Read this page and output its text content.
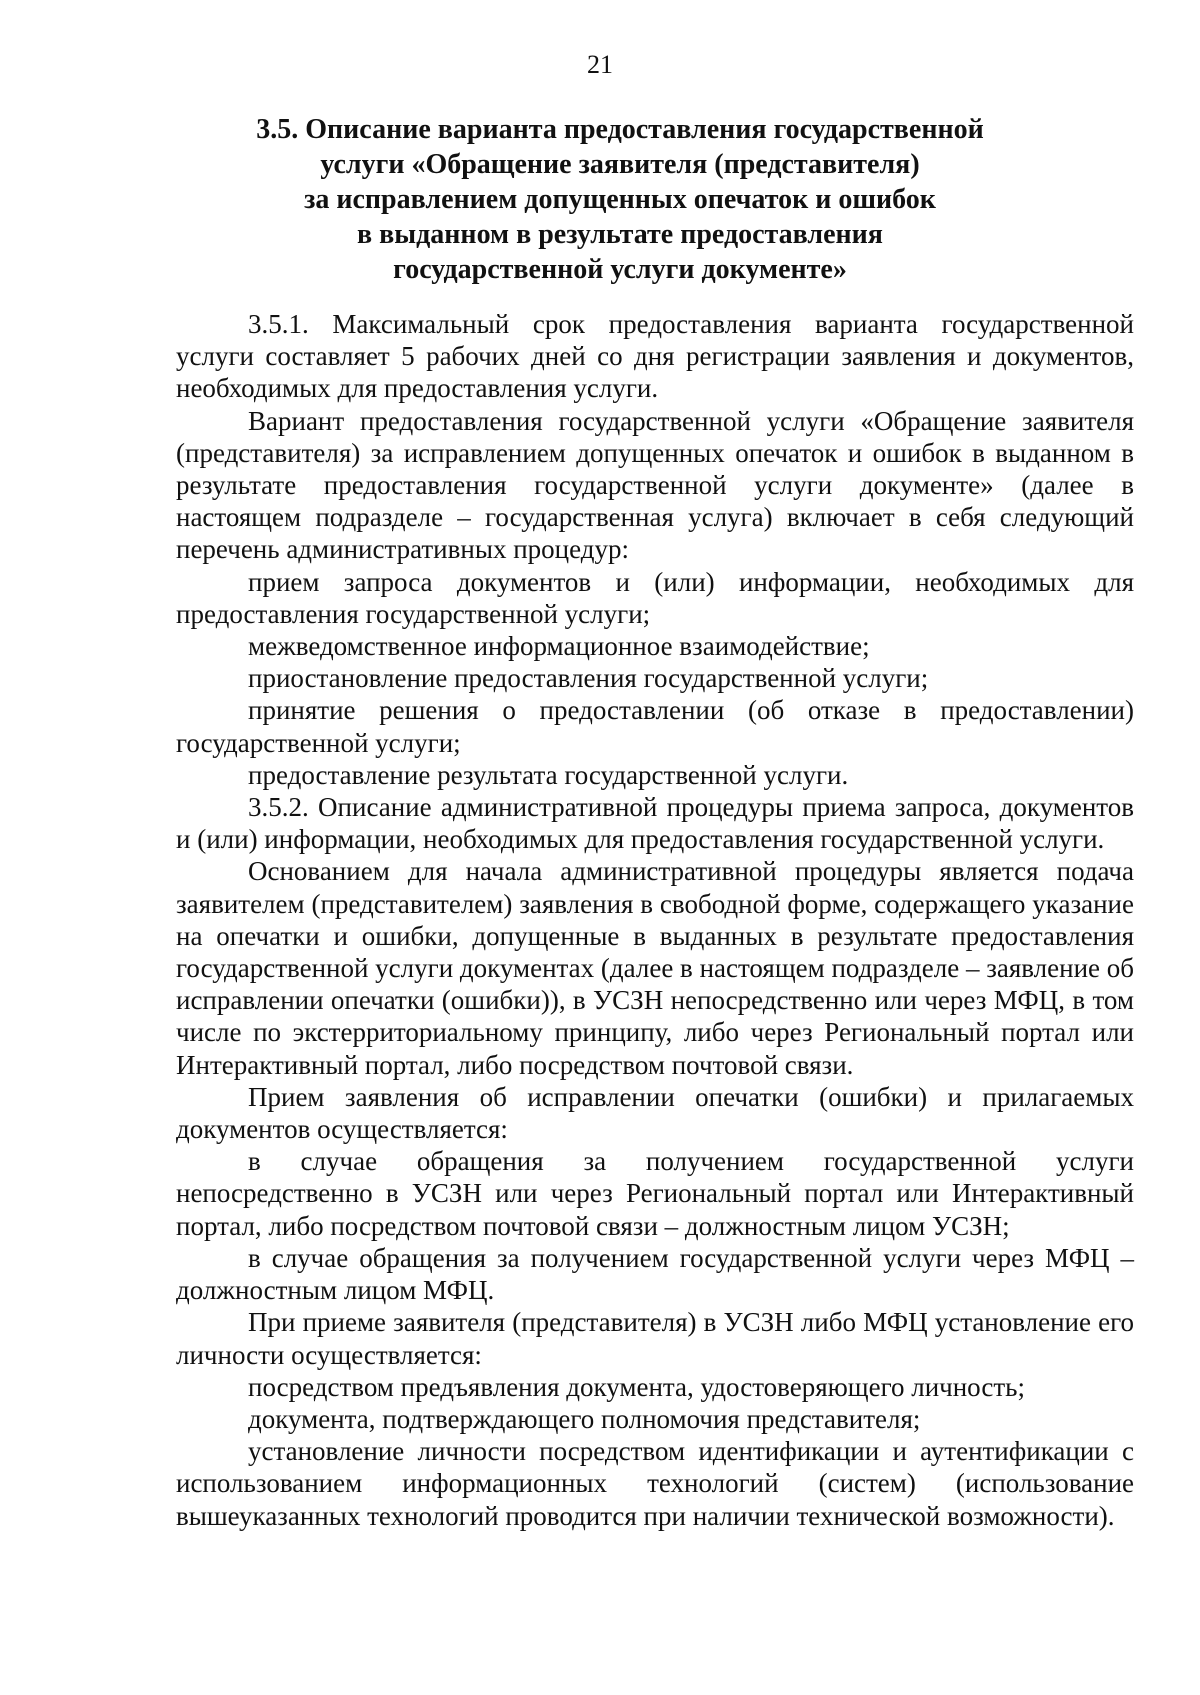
21
3.5. Описание варианта предоставления государственной
услуги «Обращение заявителя (представителя)
за исправлением допущенных опечаток и ошибок
в выданном в результате предоставления
государственной услуги документе»

3.5.1. Максимальный срок предоставления варианта государственной услуги составляет 5 рабочих дней со дня регистрации заявления и документов, необходимых для предоставления услуги.

Вариант предоставления государственной услуги «Обращение заявителя (представителя) за исправлением допущенных опечаток и ошибок в выданном в результате предоставления государственной услуги документе» (далее в настоящем подразделе – государственная услуга) включает в себя следующий перечень административных процедур:

прием запроса документов и (или) информации, необходимых для предоставления государственной услуги;

межведомственное информационное взаимодействие;

приостановление предоставления государственной услуги;

принятие решения о предоставлении (об отказе в предоставлении) государственной услуги;

предоставление результата государственной услуги.

3.5.2. Описание административной процедуры приема запроса, документов и (или) информации, необходимых для предоставления государственной услуги.

Основанием для начала административной процедуры является подача заявителем (представителем) заявления в свободной форме, содержащего указание на опечатки и ошибки, допущенные в выданных в результате предоставления государственной услуги документах (далее в настоящем подразделе – заявление об исправлении опечатки (ошибки)), в УСЗН непосредственно или через МФЦ, в том числе по экстерриториальному принципу, либо через Региональный портал или Интерактивный портал, либо посредством почтовой связи.

Прием заявления об исправлении опечатки (ошибки) и прилагаемых документов осуществляется:

в случае обращения за получением государственной услуги непосредственно в УСЗН или через Региональный портал или Интерактивный портал, либо посредством почтовой связи – должностным лицом УСЗН;

в случае обращения за получением государственной услуги через МФЦ – должностным лицом МФЦ.

При приеме заявителя (представителя) в УСЗН либо МФЦ установление его личности осуществляется:

посредством предъявления документа, удостоверяющего личность;

документа, подтверждающего полномочия представителя;

установление личности посредством идентификации и аутентификации с использованием информационных технологий (систем) (использование вышеуказанных технологий проводится при наличии технической возможности).
